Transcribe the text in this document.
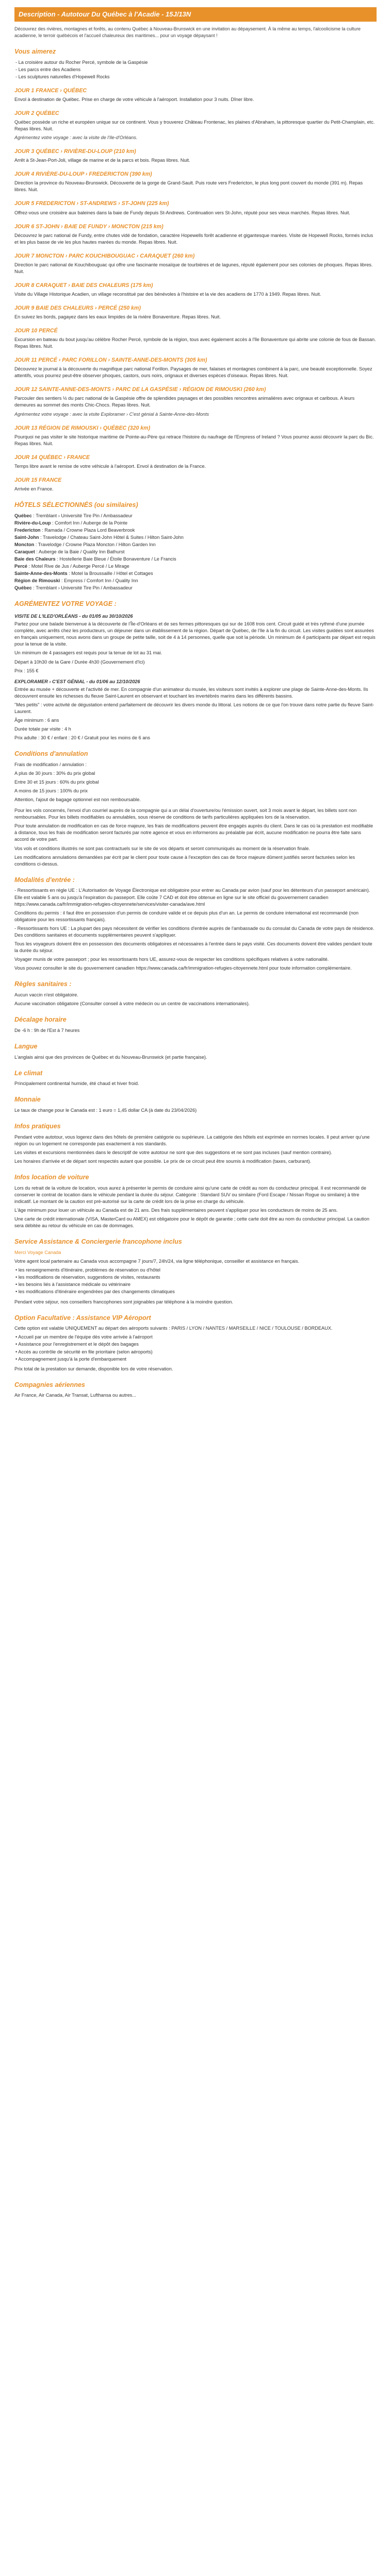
Description - Autotour Du Québec à l'Acadie - 15J/13N

Découvrez des rivières, montagnes et forêts, au contenu Québec à Nouveau-Brunswick en une invitation au dépaysement. À la même au temps, l'alcoolicisme la culture acadienne, le terroir québécois et l'accueil chaleureux des maritimes... pour un voyage dépaysant !

Vous aimerez
- La croisière autour du Rocher Percé, symbole de la Gaspésie
- Les parcs entre des Acadiens
- Les sculptures naturelles d'Hopewell Rocks
JOUR 1 FRANCE › QUÉBEC

Envol à destination de Québec. Prise en charge de votre véhicule à l'aéroport. Installation pour 3 nuits. Dîner libre.

JOUR 2 QUÉBEC

Québec possède un riche et européen unique sur ce continent. Vous y trouverez Château Frontenac, les plaines d'Abraham, la pittoresque quartier du Petit-Champlain, etc. Repas libres. Nuit.

Agrémentez votre voyage : avec la visite de l'Ile-d'Orléans.

JOUR 3 QUÉBEC › RIVIÈRE-DU-LOUP (210 km)

Arrêt à St-Jean-Port-Joli, village de marine et de la parcs et bois. Repas libres. Nuit.

JOUR 4 RIVIÈRE-DU-LOUP › FREDERICTON (390 km)

Direction la province du Nouveau-Brunswick. Découverte de la gorge de Grand-Sault. Puis route vers Fredericton, le plus long pont couvert du monde (391 m). Repas libres. Nuit.

JOUR 5 FREDERICTON › ST-ANDREWS › ST-JOHN (225 km)

Offrez-vous une croisière aux baleines dans la baie de Fundy depuis St-Andrews. Continuation vers St-John, réputé pour ses vieux marchés. Repas libres. Nuit.

JOUR 6 ST-JOHN › BAIE DE FUNDY › MONCTON (215 km)

Découvrez le parc national de Fundy, entre chutes vidé de fondation, caractère Hopewells forêt acadienne et gigantesque marées. Visite de Hopewell Rocks, formés inclus et les plus basse de vie les plus hautes marées du monde. Repas libres. Nuit.

JOUR 7 MONCTON › PARC KOUCHIBOUGUAC › CARAQUET (260 km)

Direction le parc national de Kouchibouguac qui offre une fascinante mosaïque de tourbières et de lagunes, réputé également pour ses colonies de phoques. Repas libres. Nuit.

JOUR 8 CARAQUET › BAIE DES CHALEURS (175 km)

Visite du Village Historique Acadien, un village reconstitué par des bénévoles à l'histoire et la vie des acadiens de 1770 à 1949. Repas libres. Nuit.

JOUR 9 BAIE DES CHALEURS › PERCÉ (250 km)

En suivez les bords, pagayez dans les eaux limpides de la rivière Bonaventure. Repas libres. Nuit.

JOUR 10 PERCÉ

Excursion en bateau du bout jusqu'au célèbre Rocher Percé, symbole de la région, tous avec également accès à l'île Bonaventure qui abrite une colonie de fous de Bassan. Repas libres. Nuit.

JOUR 11 PERCÉ › PARC FORILLON › SAINTE-ANNE-DES-MONTS (305 km)

Découvrez le journal à la découverte du magnifique parc national Forillon. Paysages de mer, falaises et montagnes combinent à la parc, une beauté exceptionnelle. Soyez attentifs, vous pourrez peut-être observer phoques, castors, ours noirs, orignaux et diverses espèces d'oiseaux. Repas libres. Nuit.

JOUR 12 SAINTE-ANNE-DES-MONTS › PARC DE LA GASPÉSIE › RÉGION DE RIMOUSKI (260 km)

Parcouler des sentiers ½ du parc national de la Gaspésie offre de splendides paysages et des possibles rencontres animalières avec orignaux et caribous. A leurs demeures au sommet des monts Chic-Chocs. Repas libres. Nuit.

Agrémentez votre voyage : avec la visite Exploramer › C'est génial à Sainte-Anne-des-Monts

JOUR 13 RÉGION DE RIMOUSKI › QUÉBEC (320 km)

Pourquoi ne pas visiter le site historique maritime de Pointe-au-Père qui retrace l'histoire du naufrage de l'Empress of Ireland ? Vous pourrez aussi découvrir la parc du Bic. Repas libres. Nuit.

JOUR 14 QUÉBEC › FRANCE

Temps libre avant le remise de votre véhicule à l'aéroport. Envol à destination de la France.

JOUR 15 FRANCE

Arrivée en France.

HÔTELS SÉLECTIONNÉS (ou similaires)
Québec : Tremblant › Université Tire Pin / Ambassadeur
Rivière-du-Loup : Comfort Inn / Auberge de la Pointe
Fredericton : Ramada / Crowne Plaza Lord Beaverbrook
Saint-John : Travelodge / Chateau Saint-John Hôtel & Suites / Hilton Saint-John
Moncton : Travelodge / Crowne Plaza Moncton / Hilton Garden Inn
Caraquet : Auberge de la Baie / Quality Inn Bathurst
Baie des Chaleurs : Hostellerie Baie Bleue / Étoile Bonaventure / Le Francis
Percé : Motel Rive de Jus / Auberge Percé / Le Mirage
Sainte-Anne-des-Monts : Motel la Broussaille / Hôtel et Cottages
Région de Rimouski : Empress / Comfort Inn / Quality Inn
Québec : Tremblant › Université Tire Pin / Ambassadeur
AGRÉMENTEZ VOTRE VOYAGE :
VISITE DE L'ILED'ORLÉANS - du 01/05 au 30/10/2026

Partez pour une balade bienvenue à la découverte de l'Île-d'Orléans et de ses fermes pittoresques qui sur de 1608 trois cent. Circuit guidé et très rythmé d'une journée complète, avec arrêts chez les producteurs, un déjeuner dans un établissement de la région. Départ de Québec, de l'Ile à la fin du circuit. Les visites guidées sont assurées en français uniquement, nous avons dans un groupe de petite taille, soit de 4 à 14 personnes, quelle que soit la période. Un minimum de 4 participants par départ est requis pour la tenue de la visite.

Un minimum de 4 passagers est requis pour la tenue de lot au 31 mai.

Départ à 10h30 de la Gare / Durée 4h30 (Gouvernement d'Ici)

Prix : 155 €

EXPLORAMER › C'EST GÉNIAL - du 01/06 au 12/10/2026

Entrée au musée + découverte et l'activité de mer. En compagnie d'un animateur du musée, les visiteurs sont invités à explorer une plage de Sainte-Anne-des-Monts. Ils découvrent ensuite les richesses du fleuve Saint-Laurent en observant et touchant les invertébrés marins dans les différents bassins.

"Mes petits" : votre activité de dégustation entend parfaitement de découvrir les divers monde du littoral. Les notions de ce que l'on trouve dans notre partie du fleuve Saint-Laurent.

Âge minimum : 6 ans

Durée totale par visite : 4 h

Prix adulte : 30 € / enfant : 20 € / Gratuit pour les moins de 6 ans

Conditions d'annulation

Frais de modification / annulation :

A plus de 30 jours : 30% du prix global

Entre 30 et 15 jours : 60% du prix global

A moins de 15 jours : 100% du prix

Attention, l'ajout de bagage optionnel est non remboursable.

Pour les vols concernés, l'envoi d'un courriel auprès de la compagnie qui a un délai d'ouverture/ou l'émission ouvert, soit 3 mois avant le départ, les billets sont non remboursables. Pour les billets modifiables ou annulables, sous réserve de conditions de tarifs particulières appliquées lors de la réservation.

Pour toute annulation de modification en cas de force majeure, les frais de modifications peuvent être engagés auprès du client. Dans le cas où la prestation est modifiable à distance, tous les frais de modification seront facturés par notre agence et vous en informerons au préalable par écrit, aucune modification ne pourra être faite sans accord de votre part.

Vos vols et conditions illustrés ne sont pas contractuels sur le site de vos départs et seront communiqués au moment de la réservation finale.

Les modifications annulations demandées par écrit par le client pour toute cause à l'exception des cas de force majeure dûment justifiés seront facturées selon les conditions ci-dessus.

Modalités d'entrée :

- Ressortissants en règle UE : L'Autorisation de Voyage Électronique est obligatoire pour entrer au Canada par avion (sauf pour les détenteurs d'un passeport américain). Elle est valable 5 ans ou jusqu'à l'expiration du passeport. Elle coûte 7 CAD et doit être obtenue en ligne sur le site officiel du gouvernement canadien https://www.canada.ca/fr/immigration-refugies-citoyennete/services/visiter-canada/ave.html

Conditions du permis : il faut être en possession d'un permis de conduire valide et ce depuis plus d'un an. Le permis de conduire international est recommandé (non obligatoire pour les ressortissants français).

- Ressortissants hors UE : La plupart des pays nécessitent de vérifier les conditions d'entrée auprès de l'ambassade ou du consulat du Canada de votre pays de résidence. Des conditions sanitaires et documents supplémentaires peuvent s'appliquer.

Tous les voyageurs doivent être en possession des documents obligatoires et nécessaires à l'entrée dans le pays visité. Ces documents doivent être valides pendant toute la durée du séjour.

Voyager munis de votre passeport ; pour les ressortissants hors UE, assurez-vous de respecter les conditions spécifiques relatives à votre nationalité.

Vous pouvez consulter le site du gouvernement canadien https://www.canada.ca/fr/immigration-refugies-citoyennete.html pour toute information complémentaire.

Règles sanitaires :

Aucun vaccin n'est obligatoire.

Aucune vaccination obligatoire (Consulter conseil à votre médecin ou un centre de vaccinations internationales).

Décalage horaire

De -6 h : 9h de l'Est à 7 heures

Langue

L'anglais ainsi que des provinces de Québec et du Nouveau-Brunswick (et partie française).

Le climat

Principalement continental humide, été chaud et hiver froid.

Monnaie

Le taux de change pour le Canada est : 1 euro = 1,45 dollar CA (à date du 23/04/2026)

Infos pratiques

Pendant votre autotour, vous logerez dans des hôtels de première catégorie ou supérieure. La catégorie des hôtels est exprimée en normes locales. Il peut arriver qu'une région ou un logement ne corresponde pas exactement à nos standards.

Les visites et excursions mentionnées dans le descriptif de votre autotour ne sont que des suggestions et ne sont pas incluses (sauf mention contraire).

Les horaires d'arrivée et de départ sont respectés autant que possible. Le prix de ce circuit peut être soumis à modification (taxes, carburant).

Infos location de voiture

Lors du retrait de la voiture de location, vous aurez à présenter le permis de conduire ainsi qu'une carte de crédit au nom du conducteur principal. Il est recommandé de conserver le contrat de location dans le véhicule pendant la durée du séjour. Catégorie : Standard SUV ou similaire (Ford Escape / Nissan Rogue ou similaire) à titre indicatif. Le montant de la caution est pré-autorisé sur la carte de crédit lors de la prise en charge du véhicule.

L'âge minimum pour louer un véhicule au Canada est de 21 ans. Des frais supplémentaires peuvent s'appliquer pour les conducteurs de moins de 25 ans.

Une carte de crédit internationale (VISA, MasterCard ou AMEX) est obligatoire pour le dépôt de garantie ; cette carte doit être au nom du conducteur principal. La caution sera débitée au retour du véhicule en cas de dommages.

Service Assistance & Conciergerie francophone inclus

Merci Voyage Canada

Votre agent local partenaire au Canada vous accompagne 7 jours/7, 24h/24, via ligne téléphonique, conseiller et assistance en français.

• les renseignements d'itinéraire, problèmes de réservation ou d'hôtel
• les modifications de réservation, suggestions de visites, restaurants
• les besoins liés à l'assistance médicale ou vétérinaire
• les modifications d'itinéraire engendrées par des changements climatiques

Pendant votre séjour, nos conseillers francophones sont joignables par téléphone à la moindre question.

Option Facultative : Assistance VIP Aéroport

Cette option est valable UNIQUEMENT au départ des aéroports suivants : PARIS / LYON / NANTES / MARSEILLE / NICE / TOULOUSE / BORDEAUX.

• Accueil par un membre de l'équipe dès votre arrivée à l'aéroport
• Assistance pour l'enregistrement et le dépôt des bagages
• Accès au contrôle de sécurité en file prioritaire (selon aéroports)
• Accompagnement jusqu'à la porte d'embarquement

Prix total de la prestation sur demande, disponible lors de votre réservation.

Compagnies aériennes

Air France, Air Canada, Air Transat, Lufthansa ou autres...
